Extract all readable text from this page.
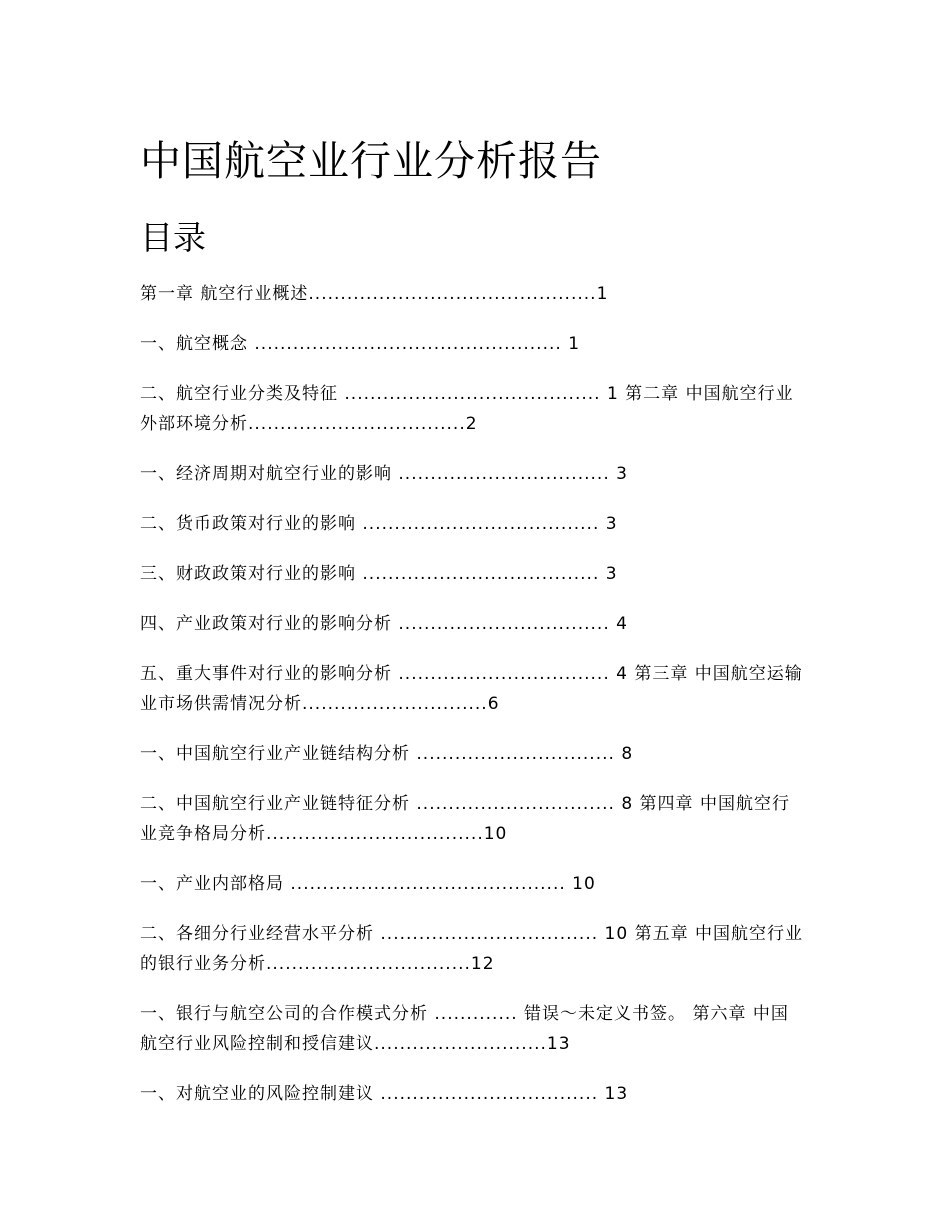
中国航空业行业分析报告
目录

第一章 航空行业概述.............................................1

一、航空概念 ................................................ 1

二、航空行业分类及特征 ........................................ 1 第二章 中国航空行业外部环境分析..................................2

一、经济周期对航空行业的影响 ................................. 3

二、货币政策对行业的影响 ..................................... 3

三、财政政策对行业的影响 ..................................... 3

四、产业政策对行业的影响分析 ................................. 4

五、重大事件对行业的影响分析 ................................. 4 第三章 中国航空运输业市场供需情况分析.............................6

一、中国航空行业产业链结构分析 ............................... 8

二、中国航空行业产业链特征分析 ............................... 8 第四章 中国航空行业竞争格局分析..................................10

一、产业内部格局 ........................................... 10

二、各细分行业经营水平分析 .................................. 10 第五章 中国航空行业的银行业务分析................................12

一、银行与航空公司的合作模式分析 ............. 错误～未定义书签。 第六章 中国航空行业风险控制和授信建议...........................13

一、对航空业的风险控制建议 .................................. 13
